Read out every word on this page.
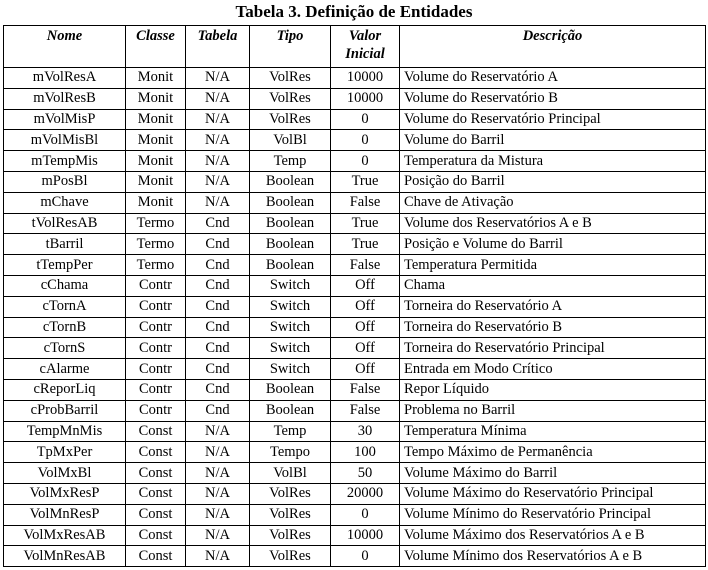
Tabela 3. Definição de Entidades
Nome	Classe	Tabela	Tipo	Valor Inicial	Descrição
mVolResA	Monit	N/A	VolRes	10000	Volume do Reservatório A
mVolResB	Monit	N/A	VolRes	10000	Volume do Reservatório B
mVolMisP	Monit	N/A	VolRes	0	Volume do Reservatório Principal
mVolMisBl	Monit	N/A	VolBl	0	Volume do Barril
mTempMis	Monit	N/A	Temp	0	Temperatura da Mistura
mPosBl	Monit	N/A	Boolean	True	Posição do Barril
mChave	Monit	N/A	Boolean	False	Chave de Ativação
tVolResAB	Termo	Cnd	Boolean	True	Volume dos Reservatórios A e B
tBarril	Termo	Cnd	Boolean	True	Posição e Volume do Barril
tTempPer	Termo	Cnd	Boolean	False	Temperatura Permitida
cChama	Contr	Cnd	Switch	Off	Chama
cTornA	Contr	Cnd	Switch	Off	Torneira do Reservatório A
cTornB	Contr	Cnd	Switch	Off	Torneira do Reservatório B
cTornS	Contr	Cnd	Switch	Off	Torneira do Reservatório Principal
cAlarme	Contr	Cnd	Switch	Off	Entrada em Modo Crítico
cReporLiq	Contr	Cnd	Boolean	False	Repor Líquido
cProbBarril	Contr	Cnd	Boolean	False	Problema no Barril
TempMnMis	Const	N/A	Temp	30	Temperatura Mínima
TpMxPer	Const	N/A	Tempo	100	Tempo Máximo de Permanência
VolMxBl	Const	N/A	VolBl	50	Volume Máximo do Barril
VolMxResP	Const	N/A	VolRes	20000	Volume Máximo do Reservatório Principal
VolMnResP	Const	N/A	VolRes	0	Volume Mínimo do Reservatório Principal
VolMxResAB	Const	N/A	VolRes	10000	Volume Máximo dos Reservatórios A e B
VolMnResAB	Const	N/A	VolRes	0	Volume Mínimo dos Reservatórios A e B
